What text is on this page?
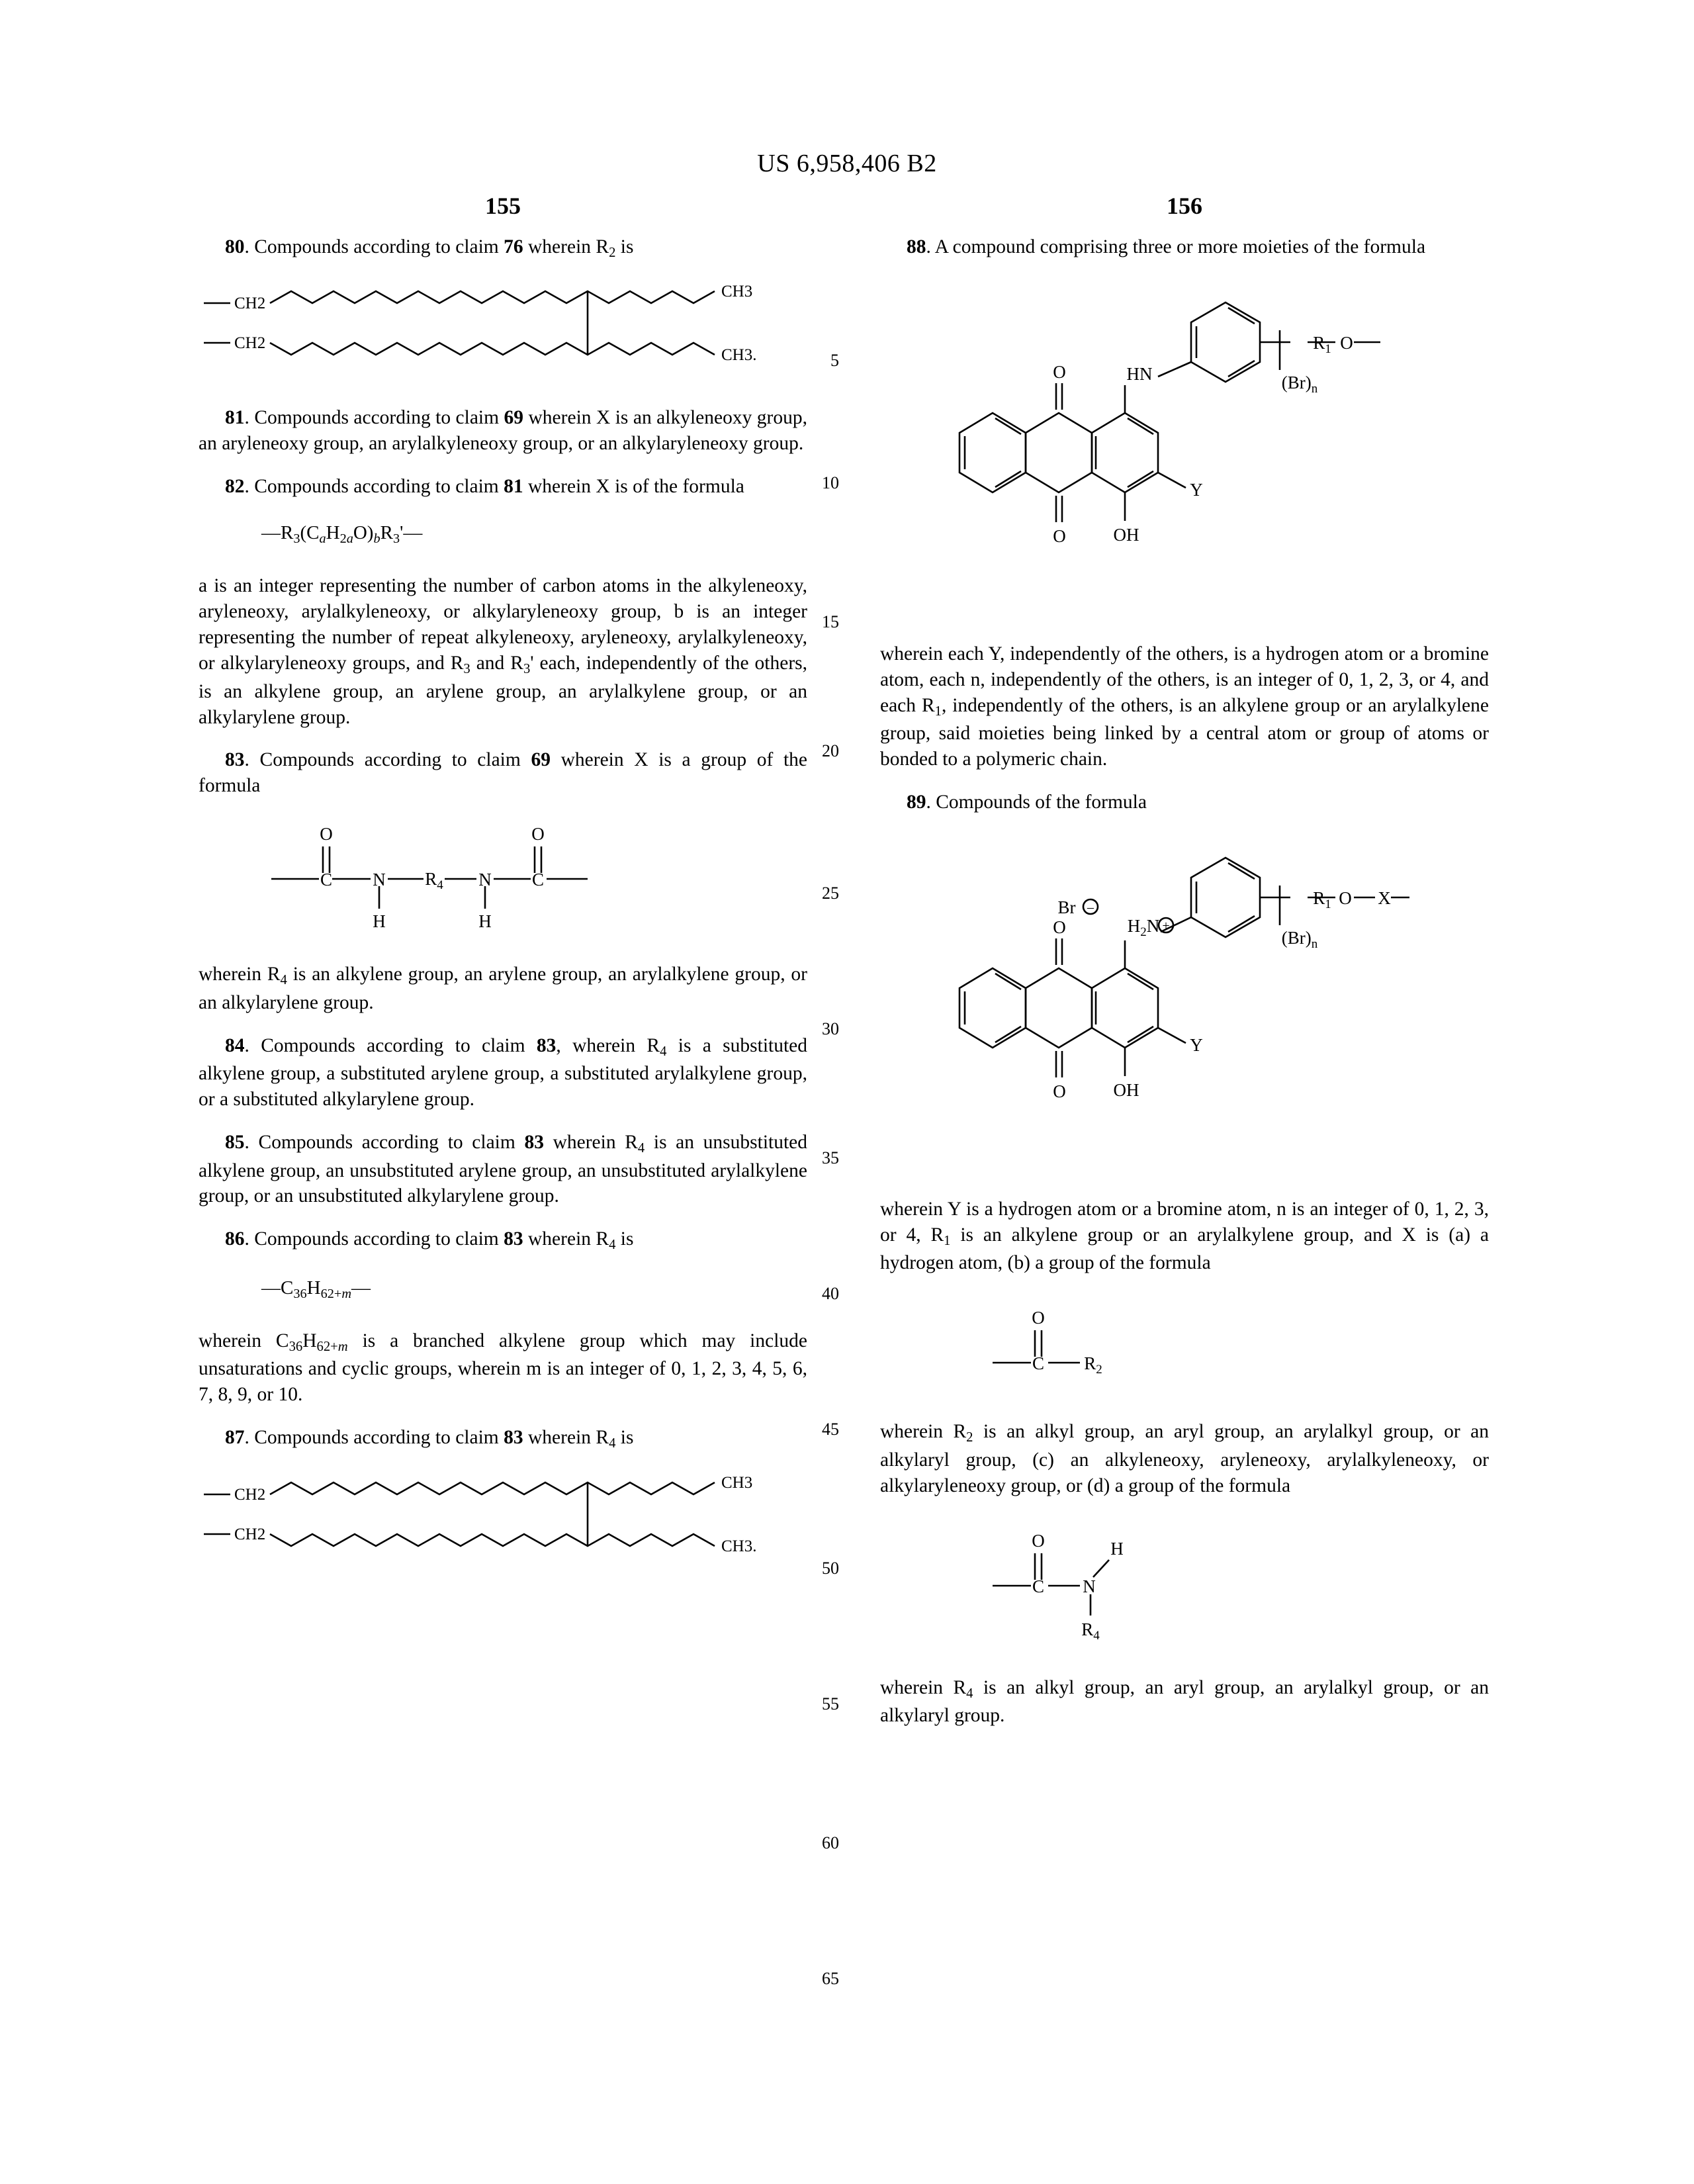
US 6,958,406 B2
5
10
15
20
25
30
35
40
45
50
55
60
65
155

80. Compounds according to claim 76 wherein $R_2$ is

CH2
CH2
CH3
CH3.

81. Compounds according to claim 69 wherein X is an alkyleneoxy group, an aryleneoxy group, an arylalkyleneoxy group, or an alkylaryleneoxy group.

82. Compounds according to claim 81 wherein X is of the formula

$—R_3(C_aH_{2a}O)_bR_3'—$

a is an integer representing the number of carbon atoms in the alkyleneoxy, aryleneoxy, arylalkyleneoxy, or alkylaryleneoxy group, b is an integer representing the number of repeat alkyleneoxy, aryleneoxy, arylalkyleneoxy, or alkylaryleneoxy groups, and $R_3$ and $R_3'$ each, independently of the others, is an alkylene group, an arylene group, an arylalkylene group, or an alkylarylene group.

83. Compounds according to claim 69 wherein X is a group of the formula

O	O
C	C
N	N
H	H
$R_4$

wherein $R_4$ is an alkylene group, an arylene group, an arylalkylene group, or an alkylarylene group.

84. Compounds according to claim 83, wherein $R_4$ is a substituted alkylene group, a substituted arylene group, a substituted arylalkylene group, or a substituted alkylarylene group.

85. Compounds according to claim 83 wherein $R_4$ is an unsubstituted alkylene group, an unsubstituted arylene group, an unsubstituted arylalkylene group, or an unsubstituted alkylarylene group.

86. Compounds according to claim 83 wherein $R_4$ is

$—C_{36}H_{62+m}—$

wherein $C_{36}H_{62+m}$ is a branched alkylene group which may include unsaturations and cyclic groups, wherein m is an integer of 0, 1, 2, 3, 4, 5, 6, 7, 8, 9, or 10.

87. Compounds according to claim 83 wherein $R_4$ is

CH2
CH2
CH3
CH3.
156

88. A compound comprising three or more moieties of the formula

O
O
HN
OH
Y
$(Br)_n$
$R_1$ O

wherein each Y, independently of the others, is a hydrogen atom or a bromine atom, each n, independently of the others, is an integer of 0, 1, 2, 3, or 4, and each $R_1$, independently of the others, is an alkylene group or an arylalkylene group, said moieties being linked by a central atom or group of atoms or bonded to a polymeric chain.

89. Compounds of the formula

Br –
+
O
O
$H_2N$
OH
Y
$(Br)_n$
$R_1$ O X

wherein Y is a hydrogen atom or a bromine atom, n is an integer of 0, 1, 2, 3, or 4, $R_1$ is an alkylene group or an arylalkylene group, and X is (a) a hydrogen atom, (b) a group of the formula

O
C $R_2$

wherein $R_2$ is an alkyl group, an aryl group, an arylalkyl group, or an alkylaryl group, (c) an alkyleneoxy, aryleneoxy, arylalkyleneoxy, or alkylaryleneoxy group, or (d) a group of the formula

O
C N
H
$R_4$

wherein $R_4$ is an alkyl group, an aryl group, an arylalkyl group, or an alkylaryl group.
